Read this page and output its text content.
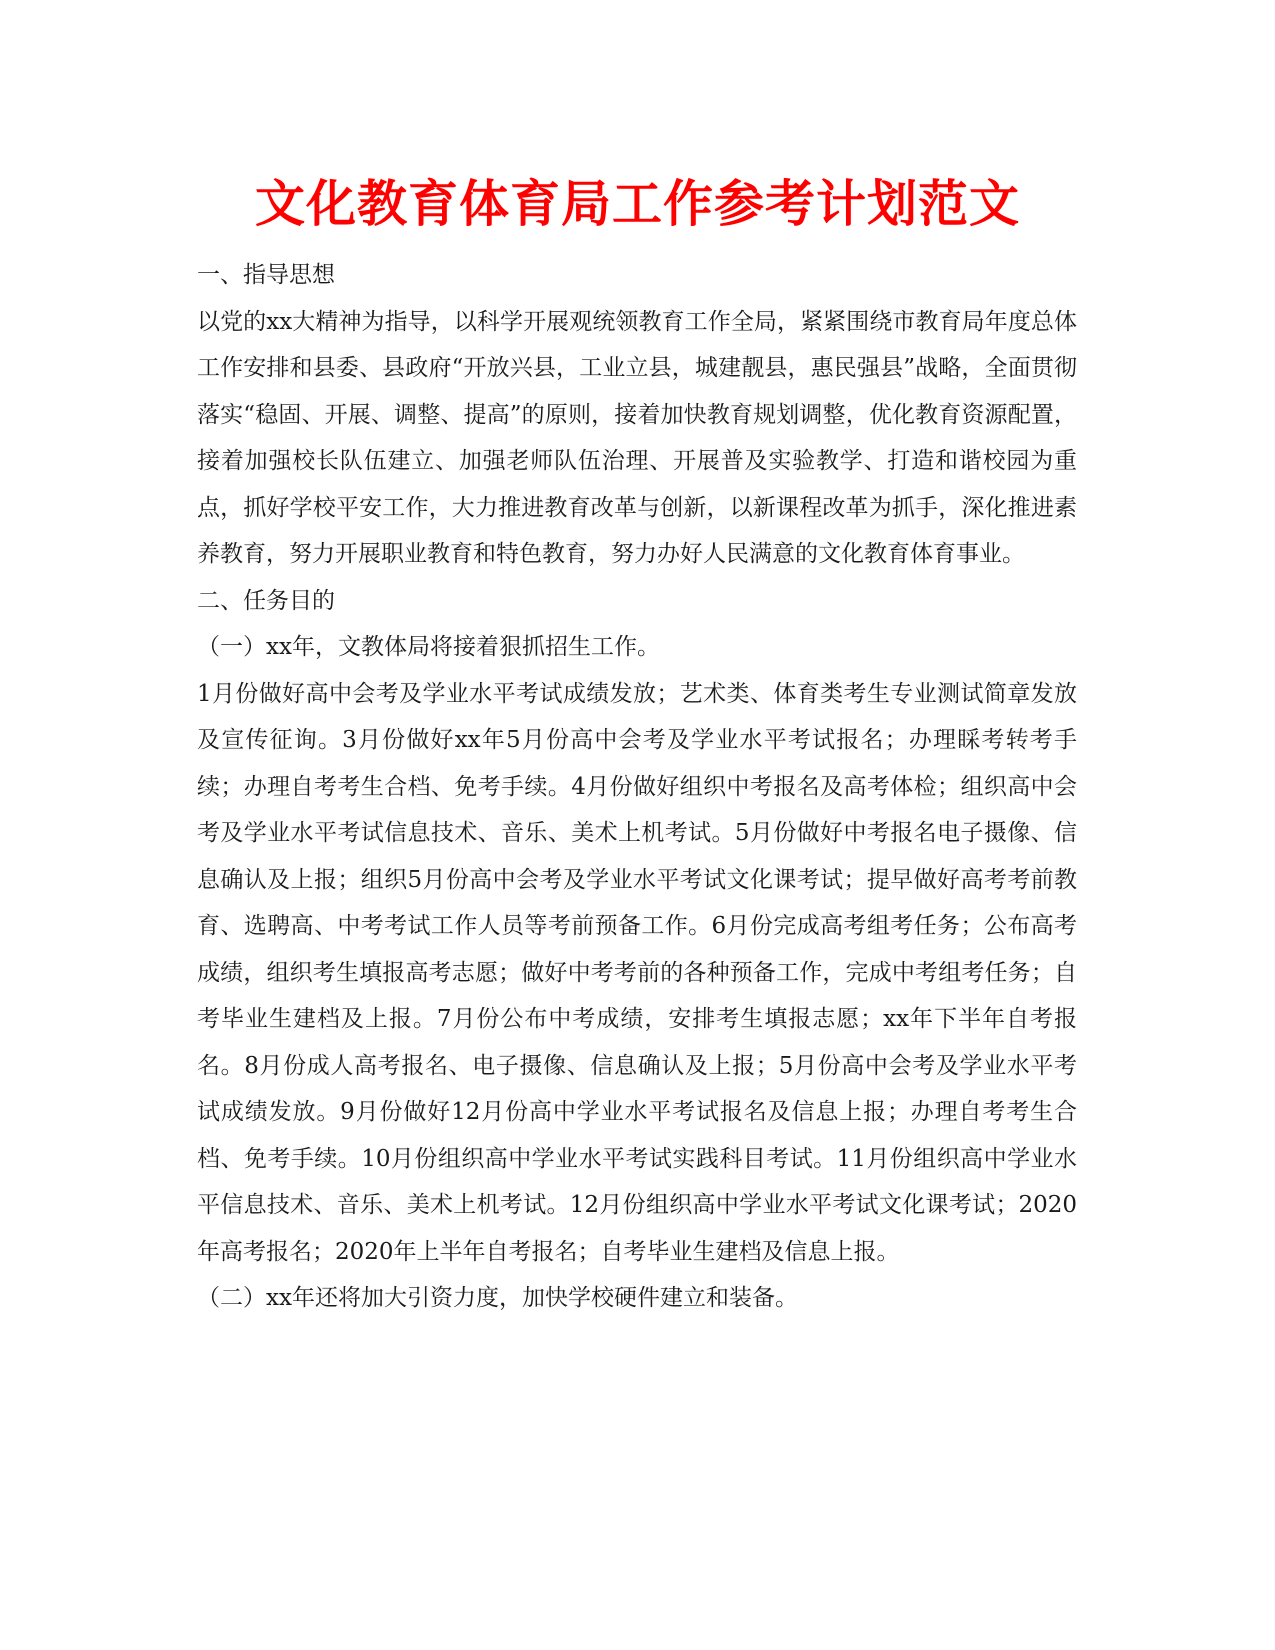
文化教育体育局工作参考计划范文

一、指导思想

以党的xx大精神为指导，以科学开展观统领教育工作全局，紧紧围绕市教育局年度总体工作安排和县委、县政府“开放兴县，工业立县，城建靓县，惠民强县”战略，全面贯彻落实“稳固、开展、调整、提高”的原则，接着加快教育规划调整，优化教育资源配置，接着加强校长队伍建立、加强老师队伍治理、开展普及实验教学、打造和谐校园为重点，抓好学校平安工作，大力推进教育改革与创新，以新课程改革为抓手，深化推进素养教育，努力开展职业教育和特色教育，努力办好人民满意的文化教育体育事业。

二、任务目的

（一）xx年，文教体局将接着狠抓招生工作。

1月份做好高中会考及学业水平考试成绩发放；艺术类、体育类考生专业测试简章发放及宣传征询。3月份做好xx年5月份高中会考及学业水平考试报名；办理睬考转考手续；办理自考考生合档、免考手续。4月份做好组织中考报名及高考体检；组织高中会考及学业水平考试信息技术、音乐、美术上机考试。5月份做好中考报名电子摄像、信息确认及上报；组织5月份高中会考及学业水平考试文化课考试；提早做好高考考前教育、选聘高、中考考试工作人员等考前预备工作。6月份完成高考组考任务；公布高考成绩，组织考生填报高考志愿；做好中考考前的各种预备工作，完成中考组考任务；自考毕业生建档及上报。7月份公布中考成绩，安排考生填报志愿；xx年下半年自考报名。8月份成人高考报名、电子摄像、信息确认及上报；5月份高中会考及学业水平考试成绩发放。9月份做好12月份高中学业水平考试报名及信息上报；办理自考考生合档、免考手续。10月份组织高中学业水平考试实践科目考试。11月份组织高中学业水平信息技术、音乐、美术上机考试。12月份组织高中学业水平考试文化课考试；2020年高考报名；2020年上半年自考报名；自考毕业生建档及信息上报。

（二）xx年还将加大引资力度，加快学校硬件建立和装备。
